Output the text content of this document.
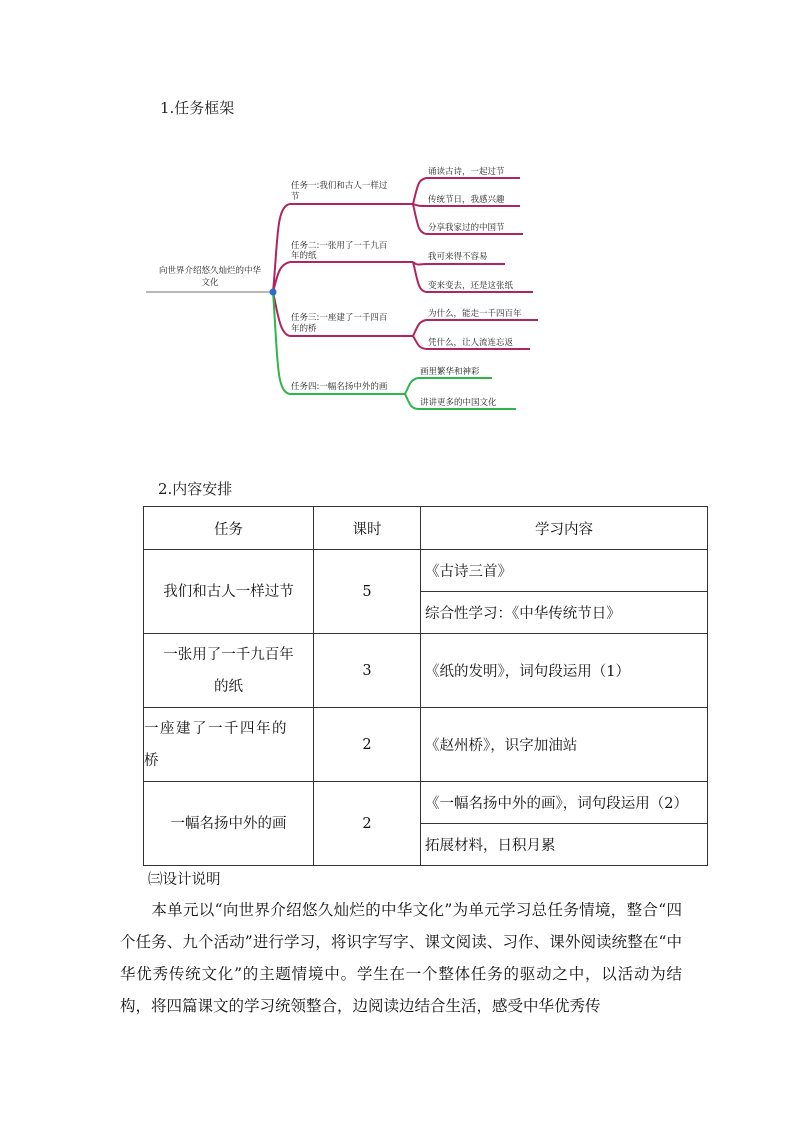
1.任务框架
向世界介绍悠久灿烂的中华
文化
任务一:我们和古人一样过
节
任务二:一张用了一千九百
年的纸
任务三:一座建了一千四百
年的桥
任务四:一幅名扬中外的画
诵读古诗，一起过节
传统节日，我感兴趣
分享我家过的中国节
我可来得不容易
变来变去，还是这张纸
为什么，能走一千四百年
凭什么，让人流连忘返
画里繁华和神彩
讲讲更多的中国文化
2.内容安排
任务	课时	学习内容
我们和古人一样过节	5	《古诗三首》
		综合性学习：《中华传统节日》

一张用了一千九百年
的纸	3	《纸的发明》，词句段运用（1）

一座建了一千四年的
桥	2	《赵州桥》，识字加油站
一幅名扬中外的画	2	《一幅名扬中外的画》，词句段运用（2）
		拓展材料，日积月累
㈢设计说明
本单元以“向世界介绍悠久灿烂的中华文化”为单元学习总任务情境，整合“四个任务、九个活动”进行学习，将识字写字、课文阅读、习作、课外阅读统整在“中华优秀传统文化”的主题情境中。学生在一个整体任务的驱动之中，以活动为结构，将四篇课文的学习统领整合，边阅读边结合生活，感受中华优秀传
